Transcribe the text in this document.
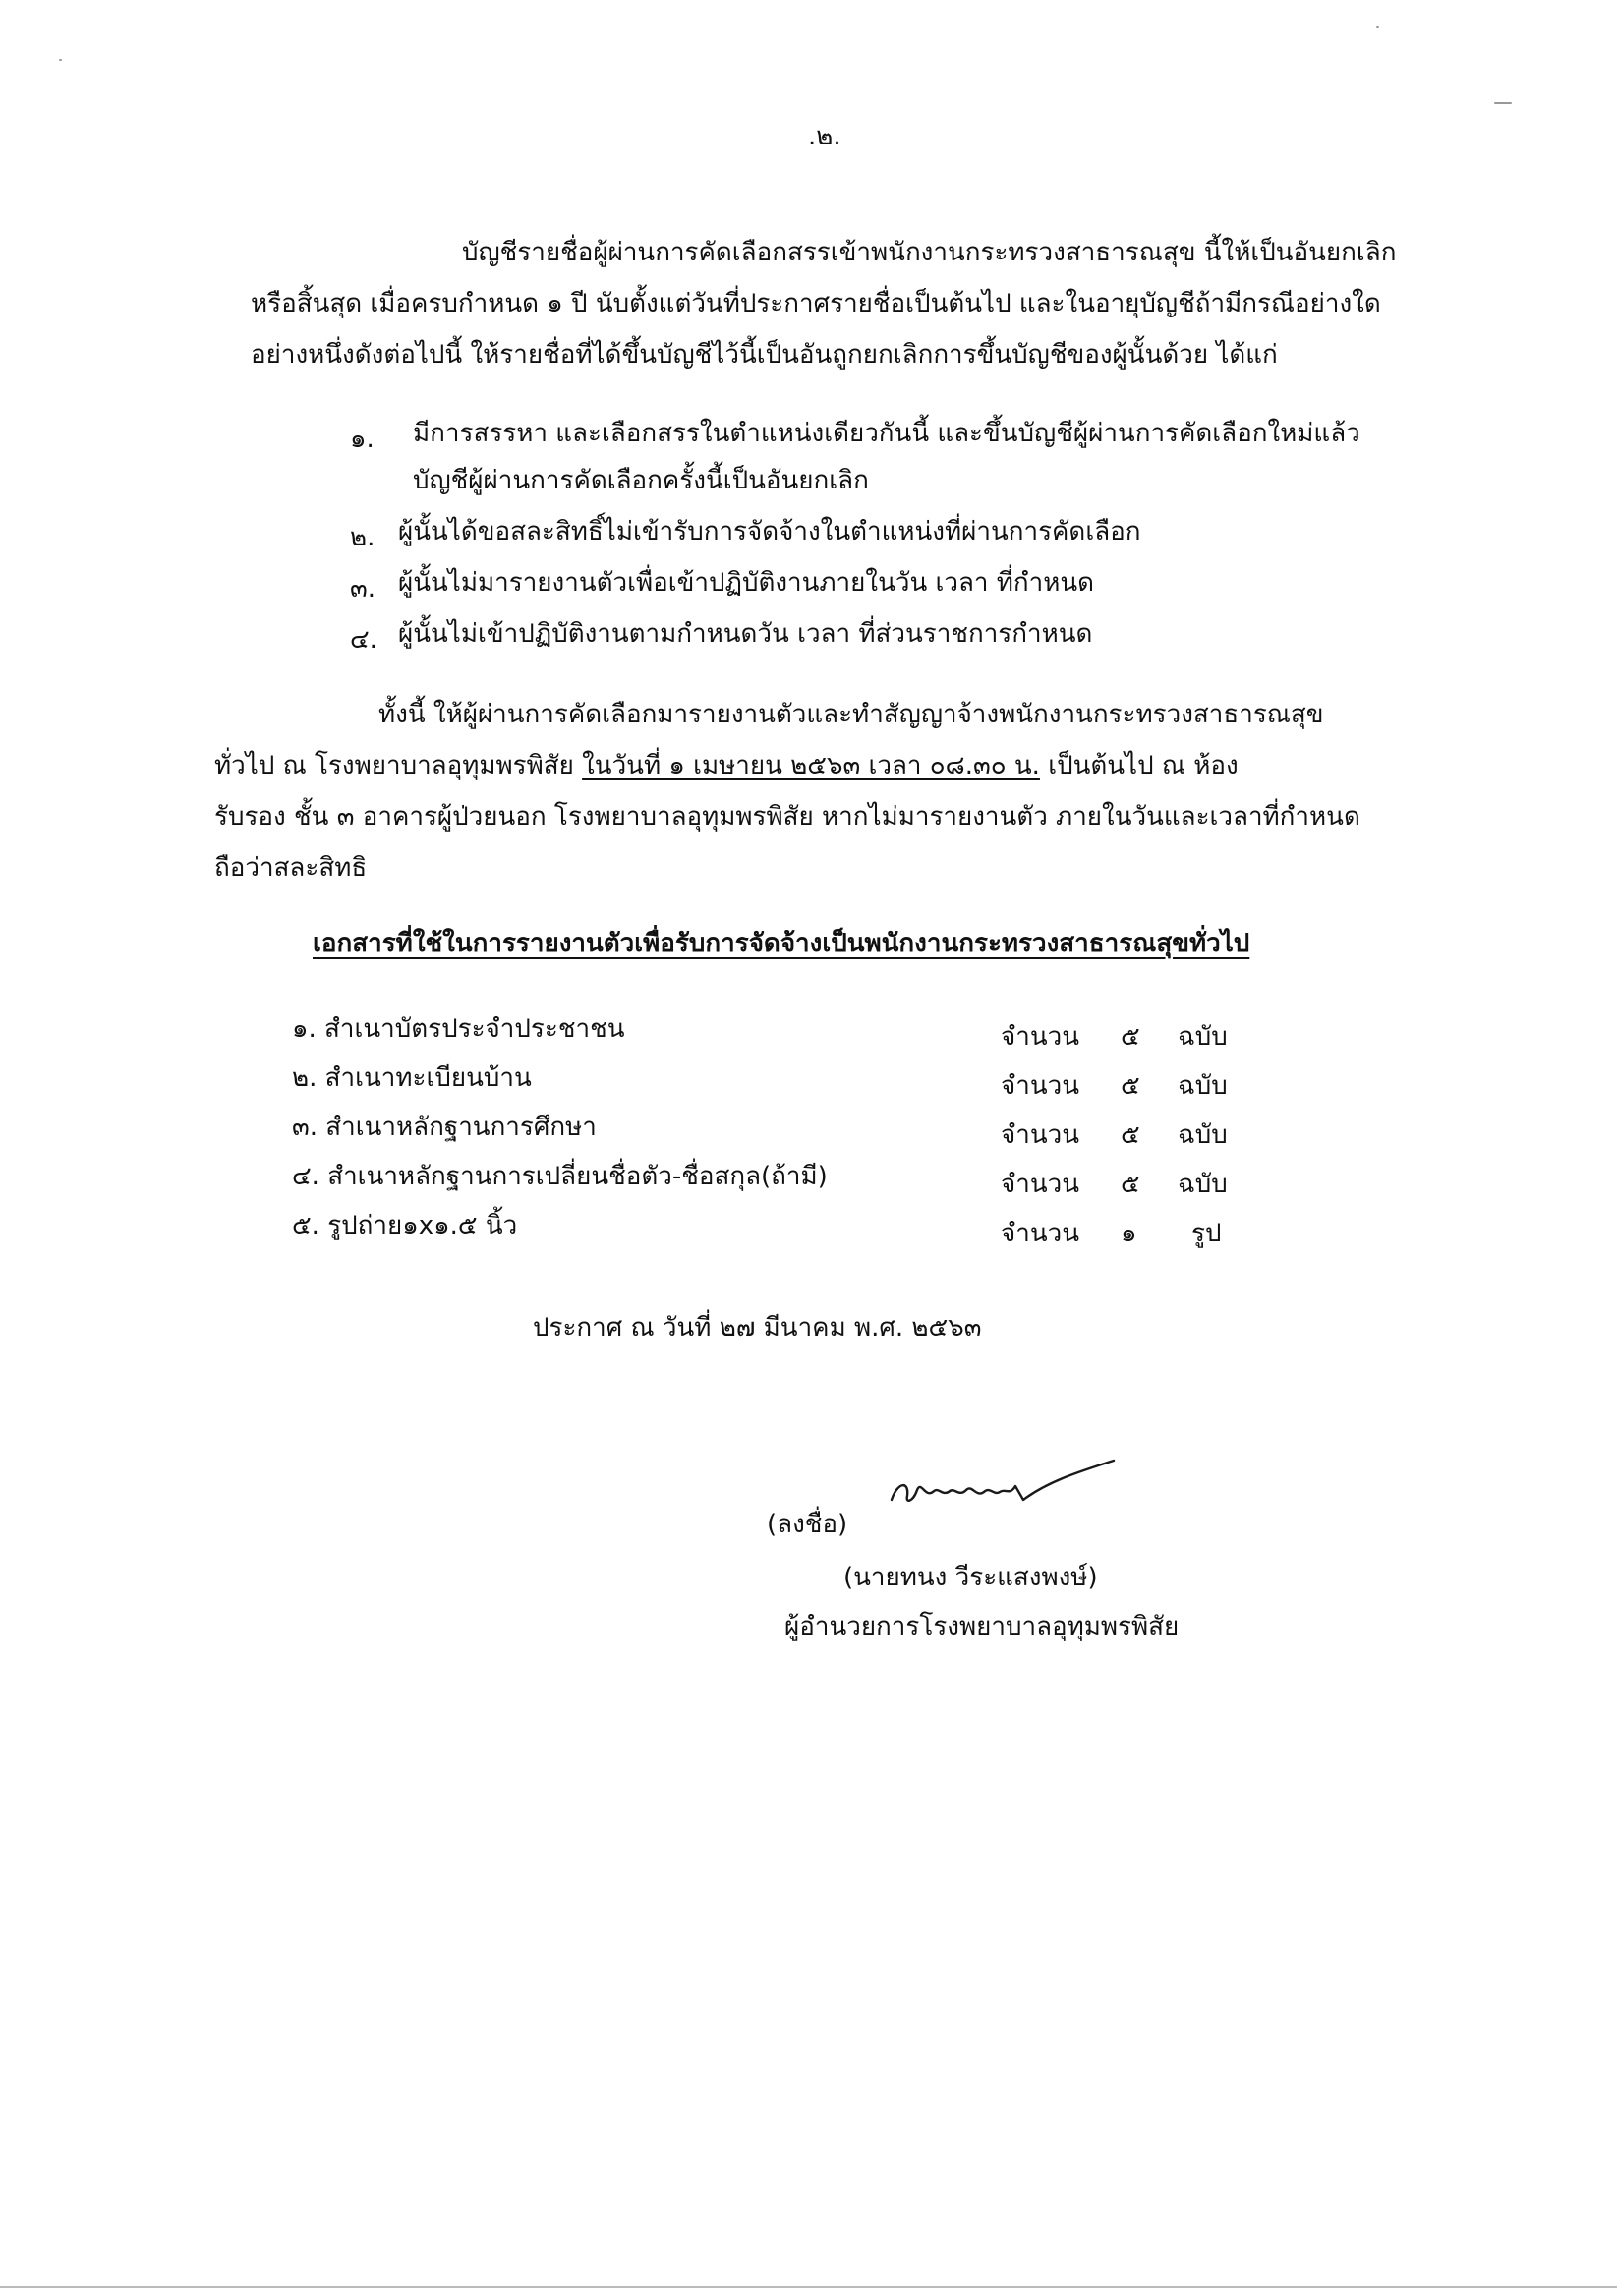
.๒.
บัญชีรายชื่อผู้ผ่านการคัดเลือกสรรเข้าพนักงานกระทรวงสาธารณสุข นี้ให้เป็นอันยกเลิก
หรือสิ้นสุด เมื่อครบกำหนด ๑ ปี นับตั้งแต่วันที่ประกาศรายชื่อเป็นต้นไป และในอายุบัญชีถ้ามีกรณีอย่างใด
อย่างหนึ่งดังต่อไปนี้ ให้รายชื่อที่ได้ขึ้นบัญชีไว้นี้เป็นอันถูกยกเลิกการขึ้นบัญชีของผู้นั้นด้วย ได้แก่
๑. มีการสรรหา และเลือกสรรในตำแหน่งเดียวกันนี้ และขึ้นบัญชีผู้ผ่านการคัดเลือกใหม่แล้ว
บัญชีผู้ผ่านการคัดเลือกครั้งนี้เป็นอันยกเลิก
๒. ผู้นั้นได้ขอสละสิทธิ์ไม่เข้ารับการจัดจ้างในตำแหน่งที่ผ่านการคัดเลือก
๓. ผู้นั้นไม่มารายงานตัวเพื่อเข้าปฏิบัติงานภายในวัน เวลา ที่กำหนด
๔. ผู้นั้นไม่เข้าปฏิบัติงานตามกำหนดวัน เวลา ที่ส่วนราชการกำหนด
ทั้งนี้ ให้ผู้ผ่านการคัดเลือกมารายงานตัวและทำสัญญาจ้างพนักงานกระทรวงสาธารณสุข
ทั่วไป ณ โรงพยาบาลอุทุมพรพิสัย ในวันที่ ๑ เมษายน ๒๕๖๓ เวลา ๐๘.๓๐ น. เป็นต้นไป ณ ห้อง
รับรอง ชั้น ๓ อาคารผู้ป่วยนอก โรงพยาบาลอุทุมพรพิสัย หากไม่มารายงานตัว ภายในวันและเวลาที่กำหนด
ถือว่าสละสิทธิ
เอกสารที่ใช้ในการรายงานตัวเพื่อรับการจัดจ้างเป็นพนักงานกระทรวงสาธารณสุขทั่วไป
๑. สำเนาบัตรประจำประชาชน	จำนวน ๕ ฉบับ
๒. สำเนาทะเบียนบ้าน	จำนวน ๕ ฉบับ
๓. สำเนาหลักฐานการศึกษา	จำนวน ๕ ฉบับ
๔. สำเนาหลักฐานการเปลี่ยนชื่อตัว-ชื่อสกุล(ถ้ามี)	จำนวน ๕ ฉบับ
๕. รูปถ่าย๑x๑.๕ นิ้ว	จำนวน ๑ รูป
ประกาศ ณ วันที่ ๒๗ มีนาคม พ.ศ. ๒๕๖๓
(ลงชื่อ)
(นายทนง วีระแสงพงษ์)
ผู้อำนวยการโรงพยาบาลอุทุมพรพิสัย
